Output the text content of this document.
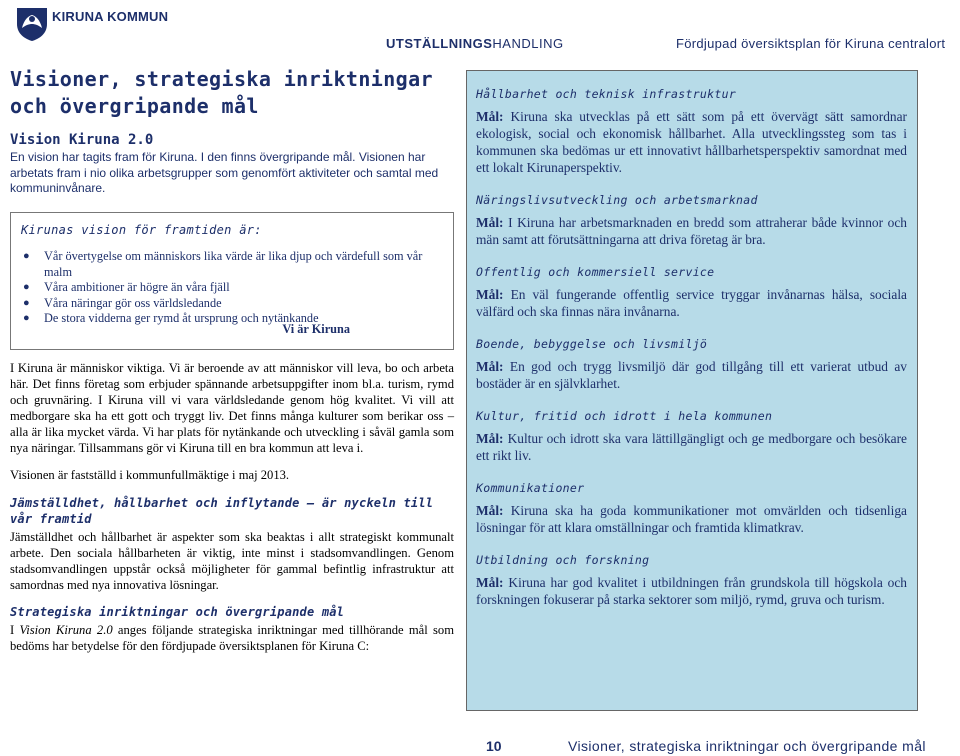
KIRUNA KOMMUN
UTSTÄLLNINGSHANDLING	Fördjupad översiktsplan för Kiruna centralort
Visioner, strategiska inriktningar
och övergripande mål
Vision Kiruna 2.0

En vision har tagits fram för Kiruna. I den finns övergripande mål. Visionen har arbetats fram i nio olika arbetsgrupper som genomfört aktiviteter och samtal med kommuninvånare.

Kirunas vision för framtiden är:
● Vår övertygelse om människors lika värde är lika djup och värdefull som vår malm
● Våra ambitioner är högre än våra fjäll
● Våra näringar gör oss världsledande
● De stora vidderna ger rymd åt ursprung och nytänkande
Vi är Kiruna

I Kiruna är människor viktiga. Vi är beroende av att människor vill leva, bo och arbeta här. Det finns företag som erbjuder spännande arbetsuppgifter inom bl.a. turism, rymd och gruvnäring. I Kiruna vill vi vara världsledande genom hög kvalitet. Vi vill att medborgare ska ha ett gott och tryggt liv. Det finns många kulturer som berikar oss – alla är lika mycket värda. Vi har plats för nytänkande och utveckling i såväl gamla som nya näringar. Tillsammans gör vi Kiruna till en bra kommun att leva i.

Visionen är fastställd i kommunfullmäktige i maj 2013.

Jämställdhet, hållbarhet och inflytande – är nyckeln till vår framtid

Jämställdhet och hållbarhet är aspekter som ska beaktas i allt strategiskt kommunalt arbete. Den sociala hållbarheten är viktig, inte minst i stadsomvandlingen. Genom stadsomvandlingen uppstår också möjligheter för gammal befintlig infrastruktur att samordnas med nya innovativa lösningar.

Strategiska inriktningar och övergripande mål

I Vision Kiruna 2.0 anges följande strategiska inriktningar med tillhörande mål som bedöms har betydelse för den fördjupade översiktsplanen för Kiruna C:

Hållbarhet och teknisk infrastruktur

Mål: Kiruna ska utvecklas på ett sätt som på ett övervägt sätt samordnar ekologisk, social och ekonomisk hållbarhet. Alla utvecklingssteg som tas i kommunen ska bedömas ur ett innovativt hållbarhetsperspektiv samordnat med ett lokalt Kirunaperspektiv.

Näringslivsutveckling och arbetsmarknad

Mål: I Kiruna har arbetsmarknaden en bredd som attraherar både kvinnor och män samt att förutsättningarna att driva företag är bra.

Offentlig och kommersiell service

Mål: En väl fungerande offentlig service tryggar invånarnas hälsa, sociala välfärd och ska finnas nära invånarna.

Boende, bebyggelse och livsmiljö

Mål: En god och trygg livsmiljö där god tillgång till ett varierat utbud av bostäder är en självklarhet.

Kultur, fritid och idrott i hela kommunen

Mål: Kultur och idrott ska vara lättillgängligt och ge medborgare och besökare ett rikt liv.

Kommunikationer

Mål: Kiruna ska ha goda kommunikationer mot omvärlden och tidsenliga lösningar för att klara omställningar och framtida klimatkrav.

Utbildning och forskning

Mål: Kiruna har god kvalitet i utbildningen från grundskola till högskola och forskningen fokuserar på starka sektorer som miljö, rymd, gruva och turism.

10	Visioner, strategiska inriktningar och övergripande mål
